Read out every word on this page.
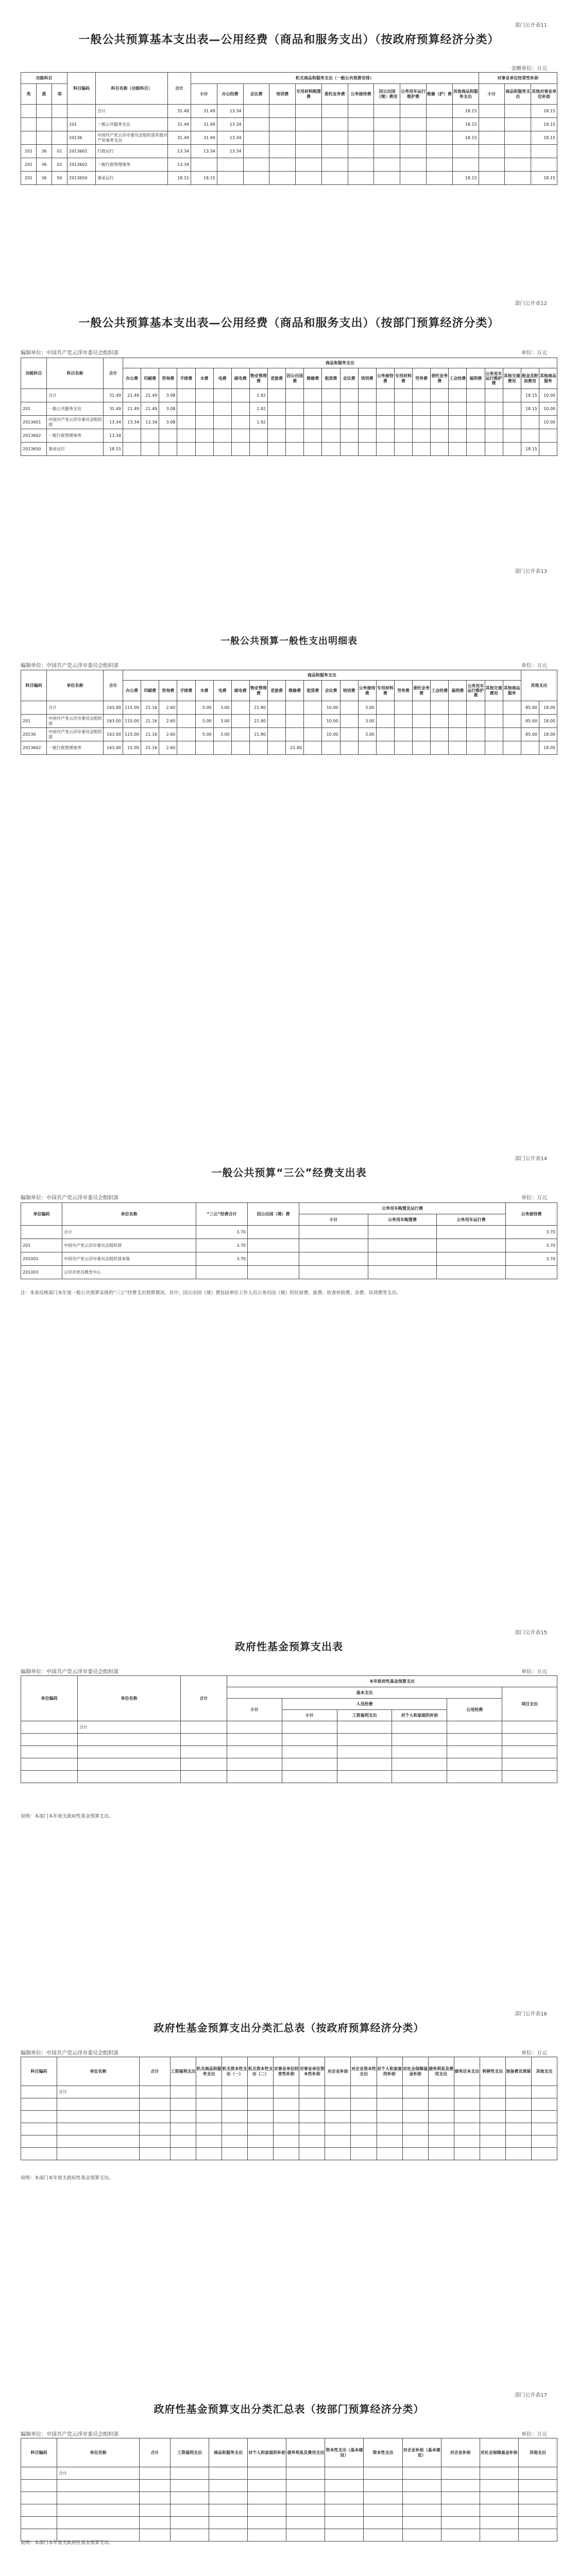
部门公开表11
一般公共预算基本支出表—公用经费（商品和服务支出）（按政府预算经济分类）
金额单位：万元
功能科目			科目编码	科目名称（功能科目）	合计	机关商品和服务支出（一般公共预算安排）											对事业单位经常性补助		
类	款	项				小计	办公经费	会议费	培训费	专用材料购置费	委托业务费	公务接待费	因公出国（境）费用	公务用车运行维护费	维修（护）费	其他商品和服务支出	小计	商品和服务支出	其他对事业单位补助

				合计	31.49	31.49	13.34									18.15			18.15
			201	一般公共服务支出	31.49	31.49	13.34									18.15			18.15
			20136	中国共产党云浮市委员会组织部其他共产党事务支出	31.49	31.49	13.34									18.15			18.15
201	36	01	2013601	行政运行	13.34	13.34	13.34												
201	36	02	2013602	一般行政管理事务	13.34														
201	36	50	2013650	事业运行	18.15	18.15										18.15			18.15
部门公开表12
一般公共预算基本支出表—公用经费（商品和服务支出）（按部门预算经济分类）
编制单位：中国共产党云浮市委员会组织部	单位：万元
功能科目	科目名称	合计	商品和服务支出																							
			办公费	印刷费	咨询费	手续费	水费	电费	邮电费	物业管理费	差旅费	因公出国费	维修费	租赁费	会议费	培训费	公务接待费	专用材料费	劳务费	委托业务费	工会经费	福利费	公务用车运行维护费	其他交通费用	税金及附加费用	其他商品服务
	合计	31.49	21.49	21.49	3.08					1.92															18.15	10.00
201	一般公共服务支出	31.49	21.49	21.49	3.08					1.92															18.15	10.00
2013601	中国共产党云浮市委员会组织部	13.34	13.34	13.34	3.08					1.92																10.00
2013602	一般行政管理事务	13.34																								
2013650	事业运行	18.15																							18.15	
部门公开表13
一般公共预算一般性支出明细表
编制单位：中国共产党云浮市委员会组织部	单位：万元
科目编码	单位名称	合计	商品和服务支出																						其他支出	
			办公费	印刷费	咨询费	手续费	水费	电费	邮电费	物业管理费	差旅费	维修费	租赁费	会议费	培训费	公务接待费	专用材料费	劳务费	委托业务费	工会经费	福利费	公务用车运行维护费	其他交通费用	其他商品服务		
	合计	163.00	115.00	21.16	2.60		5.00	3.00		21.80				10.00		3.00									85.00	18.00
201	中国共产党云浮市委员会组织部	163.00	115.00	21.16	2.60		5.00	3.00		21.80				10.00		3.00									85.00	18.00
20136	中国共产党云浮市委员会组织部	163.00	115.00	21.16	2.60		5.00	3.00		21.80				10.00		3.00									85.00	18.00
2013602	一般行政管理事务	163.00	15.00	21.16	2.60							21.80														18.00
部门公开表14
一般公共预算“三公”经费支出表
编制单位：中国共产党云浮市委员会组织部	单位：万元
单位编码	单位名称	“三公”经费合计	因公出国（境）费	公务用车购置及运行费			公务接待费
				小计	公务用车购置费	公务用车运行费	
	合计	3.70					3.70
201	中国共产党云浮市委员会组织部	3.70					3.70
201001	中国共产党云浮市委员会组织部本级	3.70					3.70
201003	云浮市党员教育中心						
注：本表反映部门本年度一般公共预算安排的“三公”经费支出预算情况。其中，因公出国（境）费包括单位工作人员公务出国（境）的住宿费、旅费、伙食补助费、杂费、培训费等支出。
部门公开表15
政府性基金预算支出表
编制单位：中国共产党云浮市委员会组织部	单位：万元
单位编码	单位名称	合计	本年政府性基金预算支出					
			基本支出					项目支出
			小计	人员经费			公用经费	
				小计	工资福利支出	对个人和家庭的补助		
	合计							

说明：本部门本年度无政府性基金预算支出。
部门公开表16
政府性基金预算支出分类汇总表（按政府预算经济分类）
编制单位：中国共产党云浮市委员会组织部	单位：万元
科目编码	单位名称	合计	工资福利支出	机关商品和服务支出	机关资本性支出（一）	机关资本性支出（二）	对事业单位经常性补助	对事业单位资本性补助	对企业补助	对企业资本性支出	对个人和家庭的补助	对社会保障基金补助	债务利息及费用支出	债务还本支出	转移性支出	预备费及预留	其他支出
	合计																

说明：本部门本年度无政府性基金预算支出。
部门公开表17
政府性基金预算支出分类汇总表（按部门预算经济分类）
编制单位：中国共产党云浮市委员会组织部	单位：万元
科目编码	单位名称	合计	工资福利支出	商品和服务支出	对个人和家庭的补助	债务利息及费用支出	资本性支出（基本建设）	资本性支出	对企业补助（基本建设）	对企业补助	对社会保障基金补助	其他支出
	合计											

说明：本部门本年度无政府性基金预算支出。
